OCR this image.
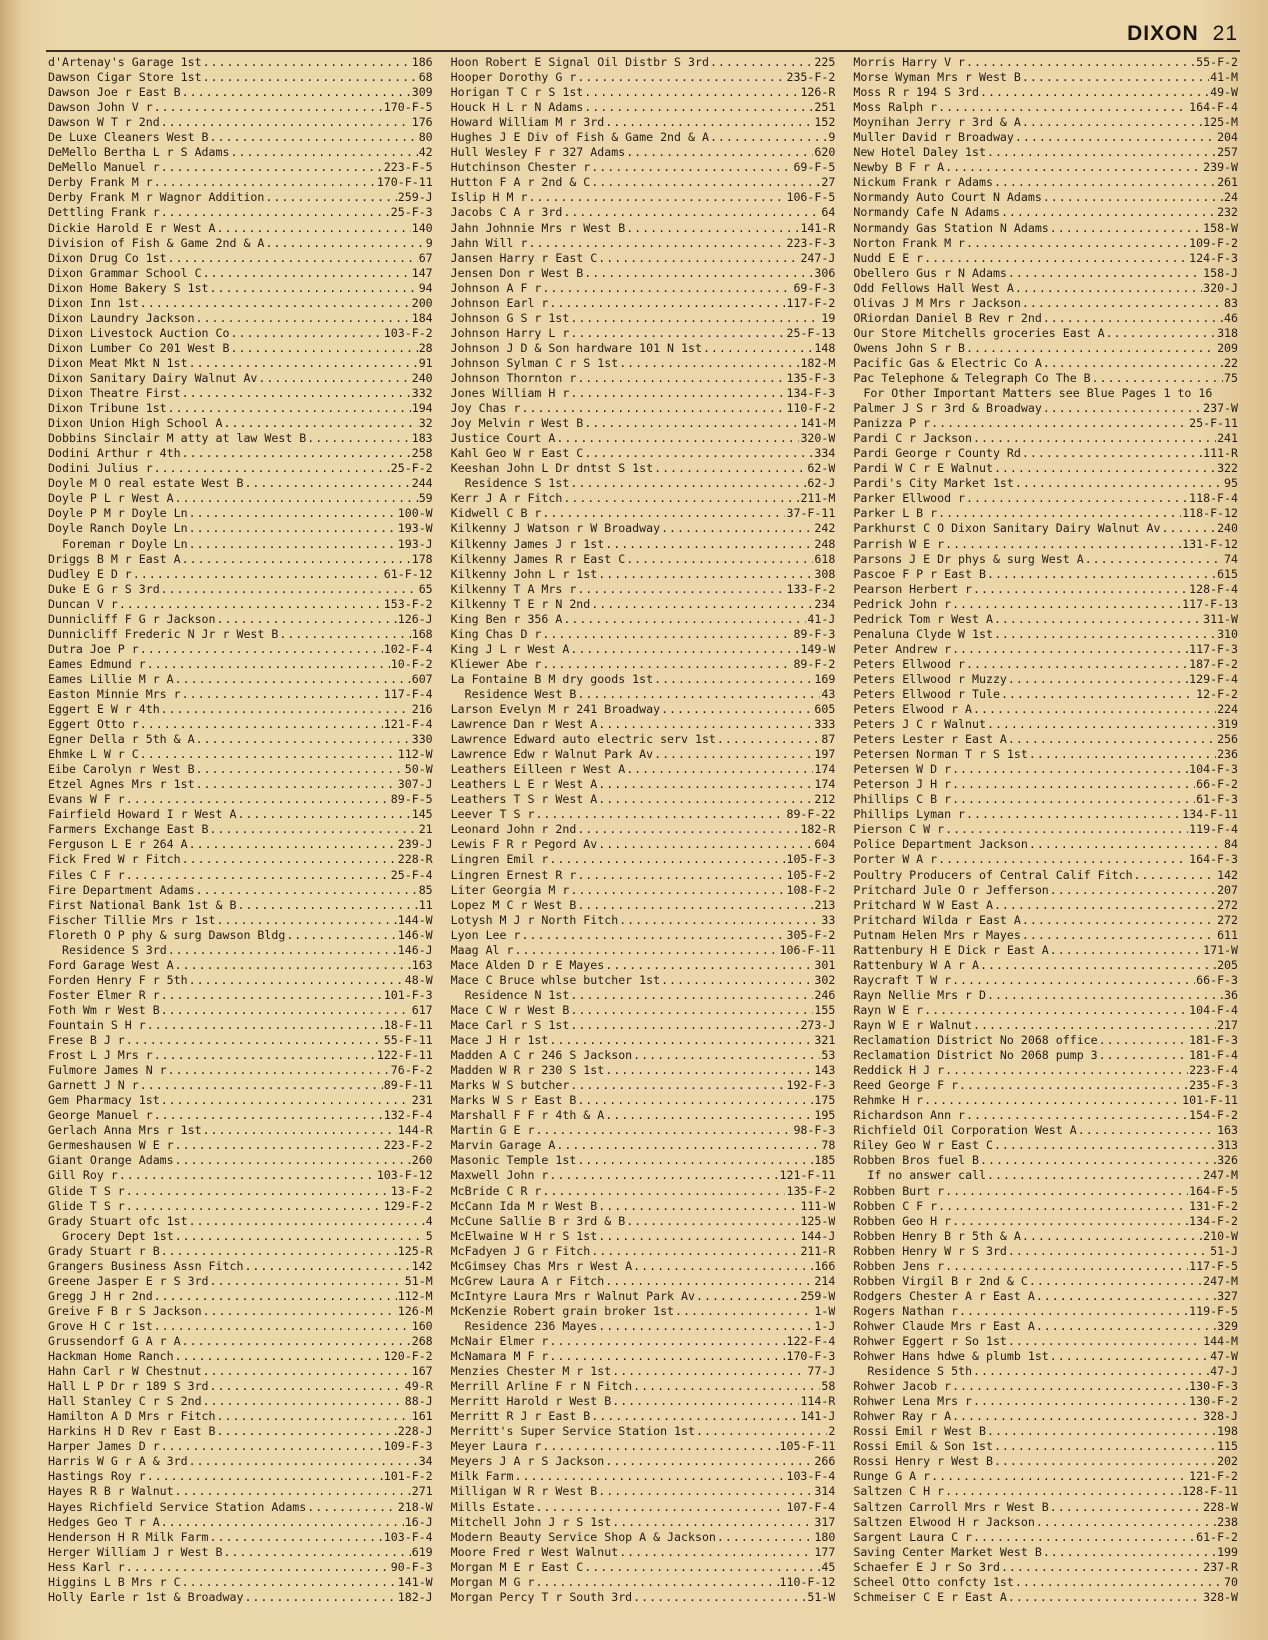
DIXON 21
d'Artenay's Garage 1st .....	186
Dawson Cigar Store 1st .....	68
Dawson Joe r East B .....	309
Dawson John V r .....	170-F-5
Dawson W T r 2nd .....	176
De Luxe Cleaners West B .....	80
DeMello Bertha L r S Adams .....	42
DeMello Manuel r .....	223-F-5
Derby Frank M r .....	170-F-11
Derby Frank M r Wagnor Addition .....	259-J
Dettling Frank r .....	25-F-3
Dickie Harold E r West A .....	140
Division of Fish & Game 2nd & A .....	9
Dixon Drug Co 1st .....	67
Dixon Grammar School C .....	147
Dixon Home Bakery S 1st .....	94
Dixon Inn 1st .....	200
Dixon Laundry Jackson .....	184
Dixon Livestock Auction Co .....	103-F-2
Dixon Lumber Co 201 West B .....	28
Dixon Meat Mkt N 1st .....	91
Dixon Sanitary Dairy Walnut Av .....	240
Dixon Theatre First .....	332
Dixon Tribune 1st .....	194
Dixon Union High School A .....	32
Dobbins Sinclair M atty at law West B .....	183
Dodini Arthur r 4th .....	258
Dodini Julius r .....	25-F-2
Doyle M O real estate West B .....	244
Doyle P L r West A .....	59
Doyle P M r Doyle Ln .....	100-W
Doyle Ranch Doyle Ln .....	193-W
Foreman r Doyle Ln .....	193-J
Driggs B M r East A .....	178
Dudley E D r .....	61-F-12
Duke E G r S 3rd .....	65
Duncan V r .....	153-F-2
Dunnicliff F G r Jackson .....	126-J
Dunnicliff Frederic N Jr r West B .....	168
Dutra Joe P r .....	102-F-4
Eames Edmund r .....	10-F-2
Eames Lillie M r A .....	607
Easton Minnie Mrs r .....	117-F-4
Eggert E W r 4th .....	216
Eggert Otto r .....	121-F-4
Egner Della r 5th & A .....	330
Ehmke L W r C .....	112-W
Eibe Carolyn r West B .....	50-W
Etzel Agnes Mrs r 1st .....	307-J
Evans W F r .....	89-F-5
Fairfield Howard I r West A .....	145
Farmers Exchange East B .....	21
Ferguson L E r 264 A .....	239-J
Fick Fred W r Fitch .....	228-R
Files C F r .....	25-F-4
Fire Department Adams .....	85
First National Bank 1st & B .....	11
Fischer Tillie Mrs r 1st .....	144-W
Floreth O P phy & surg Dawson Bldg .....	146-W
Residence S 3rd .....	146-J
Ford Garage West A .....	163
Forden Henry F r 5th .....	48-W
Foster Elmer R r .....	101-F-3
Foth Wm r West B .....	617
Fountain S H r .....	18-F-11
Frese B J r .....	55-F-11
Frost L J Mrs r .....	122-F-11
Fulmore James N r .....	76-F-2
Garnett J N r .....	89-F-11
Gem Pharmacy 1st .....	231
George Manuel r .....	132-F-4
Gerlach Anna Mrs r 1st .....	144-R
Germeshausen W E r .....	223-F-2
Giant Orange Adams .....	260
Gill Roy r .....	103-F-12
Glide T S r .....	13-F-2
Glide T S r .....	129-F-2
Grady Stuart ofc 1st .....	4
Grocery Dept 1st .....	5
Grady Stuart r B .....	125-R
Grangers Business Assn Fitch .....	142
Greene Jasper E r S 3rd .....	51-M
Gregg J H r 2nd .....	112-M
Greive F B r S Jackson .....	126-M
Grove H C r 1st .....	160
Grussendorf G A r A .....	268
Hackman Home Ranch .....	120-F-2
Hahn Carl r W Chestnut .....	167
Hall L P Dr r 189 S 3rd .....	49-R
Hall Stanley C r S 2nd .....	88-J
Hamilton A D Mrs r Fitch .....	161
Harkins H D Rev r East B .....	228-J
Harper James D r .....	109-F-3
Harris W G r A & 3rd .....	34
Hastings Roy r .....	101-F-2
Hayes R B r Walnut .....	271
Hayes Richfield Service Station Adams .....	218-W
Hedges Geo T r A .....	16-J
Henderson H R Milk Farm .....	103-F-4
Herger William J r West B .....	619
Hess Karl r .....	90-F-3
Higgins L B Mrs r C .....	141-W
Holly Earle r 1st & Broadway .....	182-J
Hoon Robert E Signal Oil Distbr S 3rd .....	225
Hooper Dorothy G r .....	235-F-2
Horigan T C r S 1st .....	126-R
Houck H L r N Adams .....	251
Howard William M r 3rd .....	152
Hughes J E Div of Fish & Game 2nd & A .....	9
Hull Wesley F r 327 Adams .....	620
Hutchinson Chester r .....	69-F-5
Hutton F A r 2nd & C .....	27
Islip H M r .....	106-F-5
Jacobs C A r 3rd .....	64
Jahn Johnnie Mrs r West B .....	141-R
Jahn Will r .....	223-F-3
Jansen Harry r East C .....	247-J
Jensen Don r West B .....	306
Johnson A F r .....	69-F-3
Johnson Earl r .....	117-F-2
Johnson G S r 1st .....	19
Johnson Harry L r .....	25-F-13
Johnson J D & Son hardware 101 N 1st .....	148
Johnson Sylman C r S 1st .....	182-M
Johnson Thornton r .....	135-F-3
Jones William H r .....	134-F-3
Joy Chas r .....	110-F-2
Joy Melvin r West B .....	141-M
Justice Court A .....	320-W
Kahl Geo W r East C .....	334
Keeshan John L Dr dntst S 1st .....	62-W
Residence S 1st .....	62-J
Kerr J A r Fitch .....	211-M
Kidwell C B r .....	37-F-11
Kilkenny J Watson r W Broadway .....	242
Kilkenny James J r 1st .....	248
Kilkenny James R r East C .....	618
Kilkenny John L r 1st .....	308
Kilkenny T A Mrs r .....	133-F-2
Kilkenny T E r N 2nd .....	234
King Ben r 356 A .....	41-J
King Chas D r .....	89-F-3
King J L r West A .....	149-W
Kliewer Abe r .....	89-F-2
La Fontaine B M dry goods 1st .....	169
Residence West B .....	43
Larson Evelyn M r 241 Broadway .....	605
Lawrence Dan r West A .....	333
Lawrence Edward auto electric serv 1st .....	87
Lawrence Edw r Walnut Park Av .....	197
Leathers Eilleen r West A .....	174
Leathers L E r West A .....	174
Leathers T S r West A .....	212
Leever T S r .....	89-F-22
Leonard John r 2nd .....	182-R
Lewis F R r Pegord Av .....	604
Lingren Emil r .....	105-F-3
Lingren Ernest R r .....	105-F-2
Liter Georgia M r .....	108-F-2
Lopez M C r West B .....	213
Lotysh M J r North Fitch .....	33
Lyon Lee r .....	305-F-2
Maag Al r .....	106-F-11
Mace Alden D r E Mayes .....	301
Mace C Bruce whlse butcher 1st .....	302
Residence N 1st .....	246
Mace C W r West B .....	155
Mace Carl r S 1st .....	273-J
Mace J H r 1st .....	321
Madden A C r 246 S Jackson .....	53
Madden W R r 230 S 1st .....	143
Marks W S butcher .....	192-F-3
Marks W S r East B .....	175
Marshall F F r 4th & A .....	195
Martin G E r .....	98-F-3
Marvin Garage A .....	78
Masonic Temple 1st .....	185
Maxwell John r .....	121-F-11
McBride C R r .....	135-F-2
McCann Ida M r West B .....	111-W
McCune Sallie B r 3rd & B .....	125-W
McElwaine W H r S 1st .....	144-J
McFadyen J G r Fitch .....	211-R
McGimsey Chas Mrs r West A .....	166
McGrew Laura A r Fitch .....	214
McIntyre Laura Mrs r Walnut Park Av .....	259-W
McKenzie Robert grain broker 1st .....	1-W
Residence 236 Mayes .....	1-J
McNair Elmer r .....	122-F-4
McNamara M F r .....	170-F-3
Menzies Chester M r 1st .....	77-J
Merrill Arline F r N Fitch .....	58
Merritt Harold r West B .....	114-R
Merritt R J r East B .....	141-J
Merritt's Super Service Station 1st .....	2
Meyer Laura r .....	105-F-11
Meyers J A r S Jackson .....	266
Milk Farm .....	103-F-4
Milligan W R r West B .....	314
Mills Estate .....	107-F-4
Mitchell John J r S 1st .....	317
Modern Beauty Service Shop A & Jackson .....	180
Moore Fred r West Walnut .....	177
Morgan M E r East C .....	45
Morgan M G r .....	110-F-12
Morgan Percy T r South 3rd .....	51-W
Morris Harry V r .....	55-F-2
Morse Wyman Mrs r West B .....	41-M
Moss R r 194 S 3rd .....	49-W
Moss Ralph r .....	164-F-4
Moynihan Jerry r 3rd & A .....	125-M
Muller David r Broadway .....	204
New Hotel Daley 1st .....	257
Newby B F r A .....	239-W
Nickum Frank r Adams .....	261
Normandy Auto Court N Adams .....	24
Normandy Cafe N Adams .....	232
Normandy Gas Station N Adams .....	158-W
Norton Frank M r .....	109-F-2
Nudd E E r .....	124-F-3
Obellero Gus r N Adams .....	158-J
Odd Fellows Hall West A .....	320-J
Olivas J M Mrs r Jackson .....	83
ORiordan Daniel B Rev r 2nd .....	46
Our Store Mitchells groceries East A .....	318
Owens John S r B .....	209
Pacific Gas & Electric Co A .....	22
Pac Telephone & Telegraph Co The B .....	75
For Other Important Matters see Blue Pages 1 to 16
Palmer J S r 3rd & Broadway .....	237-W
Panizza P r .....	25-F-11
Pardi C r Jackson .....	241
Pardi George r County Rd .....	111-R
Pardi W C r E Walnut .....	322
Pardi's City Market 1st .....	95
Parker Ellwood r .....	118-F-4
Parker L B r .....	118-F-12
Parkhurst C O Dixon Sanitary Dairy Walnut Av .....	240
Parrish W E r .....	131-F-12
Parsons J E Dr phys & surg West A .....	74
Pascoe F P r East B .....	615
Pearson Herbert r .....	128-F-4
Pedrick John r .....	117-F-13
Pedrick Tom r West A .....	311-W
Penaluna Clyde W 1st .....	310
Peter Andrew r .....	117-F-3
Peters Ellwood r .....	187-F-2
Peters Ellwood r Muzzy .....	129-F-4
Peters Ellwood r Tule .....	12-F-2
Peters Elwood r A .....	224
Peters J C r Walnut .....	319
Peters Lester r East A .....	256
Petersen Norman T r S 1st .....	236
Petersen W D r .....	104-F-3
Peterson J H r .....	66-F-2
Phillips C B r .....	61-F-3
Phillips Lyman r .....	134-F-11
Pierson C W r .....	119-F-4
Police Department Jackson .....	84
Porter W A r .....	164-F-3
Poultry Producers of Central Calif Fitch .....	142
Pritchard Jule O r Jefferson .....	207
Pritchard W W East A .....	272
Pritchard Wilda r East A .....	272
Putnam Helen Mrs r Mayes .....	611
Rattenbury H E Dick r East A .....	171-W
Rattenbury W A r A .....	205
Raycraft T W r .....	66-F-3
Rayn Nellie Mrs r D .....	36
Rayn W E r .....	104-F-4
Rayn W E r Walnut .....	217
Reclamation District No 2068 office .....	181-F-3
Reclamation District No 2068 pump 3 .....	181-F-4
Reddick H J r .....	223-F-4
Reed George F r .....	235-F-3
Rehmke H r .....	101-F-11
Richardson Ann r .....	154-F-2
Richfield Oil Corporation West A .....	163
Riley Geo W r East C .....	313
Robben Bros fuel B .....	326
If no answer call .....	247-M
Robben Burt r .....	164-F-5
Robben C F r .....	131-F-2
Robben Geo H r .....	134-F-2
Robben Henry B r 5th & A .....	210-W
Robben Henry W r S 3rd .....	51-J
Robben Jens r .....	117-F-5
Robben Virgil B r 2nd & C .....	247-M
Rodgers Chester A r East A .....	327
Rogers Nathan r .....	119-F-5
Rohwer Claude Mrs r East A .....	329
Rohwer Eggert r So 1st .....	144-M
Rohwer Hans hdwe & plumb 1st .....	47-W
Residence S 5th .....	47-J
Rohwer Jacob r .....	130-F-3
Rohwer Lena Mrs r .....	130-F-2
Rohwer Ray r A .....	328-J
Rossi Emil r West B .....	198
Rossi Emil & Son 1st .....	115
Rossi Henry r West B .....	202
Runge G A r .....	121-F-2
Saltzen C H r .....	128-F-11
Saltzen Carroll Mrs r West B .....	228-W
Saltzen Elwood H r Jackson .....	238
Sargent Laura C r .....	61-F-2
Saving Center Market West B .....	199
Schaefer E J r So 3rd .....	237-R
Scheel Otto confcty 1st .....	70
Schmeiser C E r East A .....	328-W
